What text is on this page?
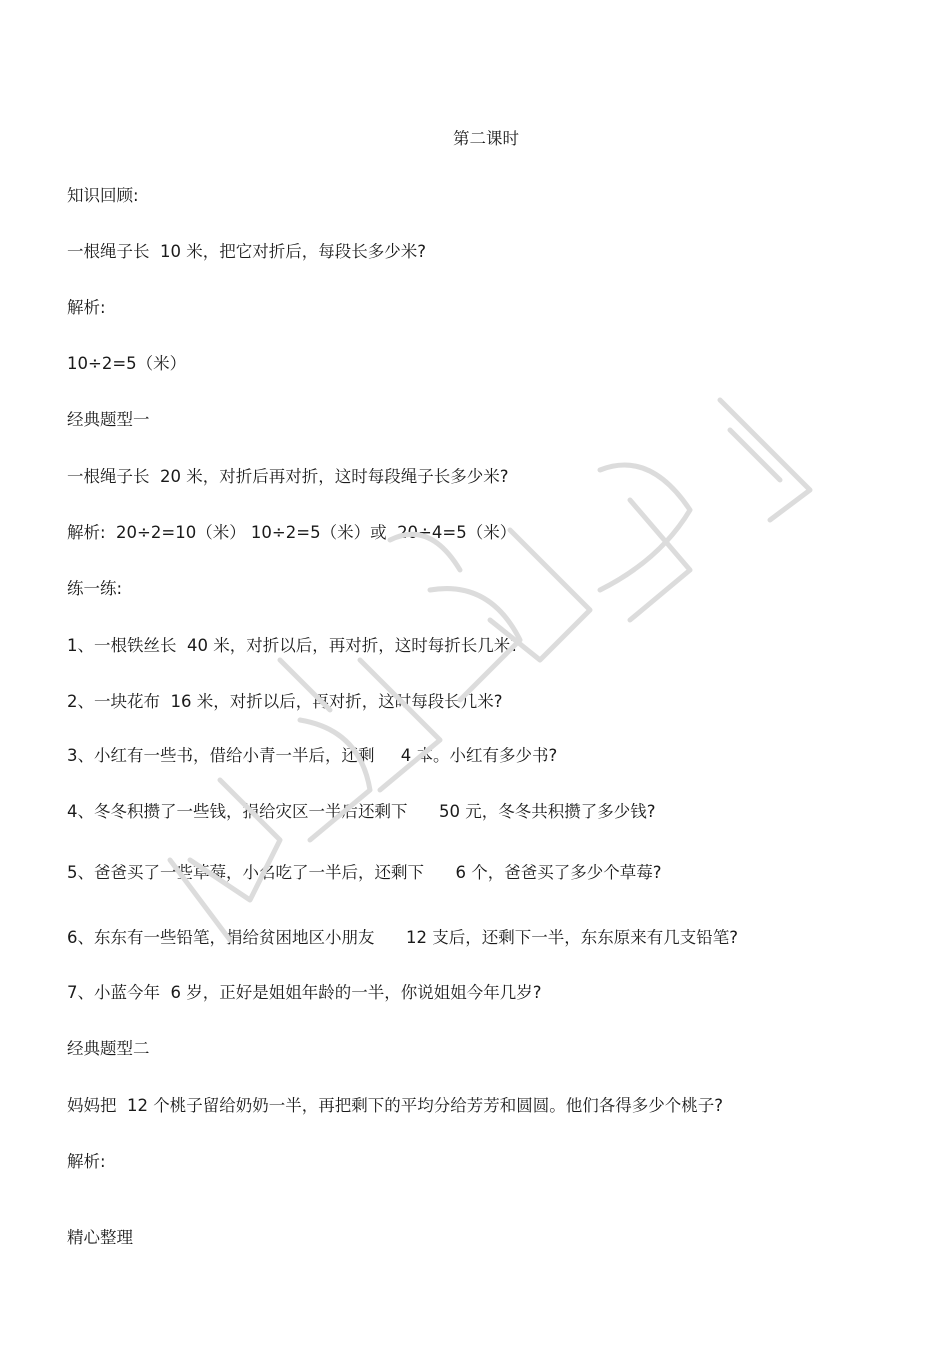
第二课时

知识回顾:

一根绳子长  10 米，把它对折后，每段长多少米?

解析:

10÷2=5（米）

经典题型一

一根绳子长  20 米，对折后再对折，这时每段绳子长多少米?

解析:  20÷2=10（米） 10÷2=5（米）或  20÷4=5（米）

练一练:

1、一根铁丝长  40 米，对折以后，再对折，这时每折长几米?

2、一块花布  16 米，对折以后，再对折，这时每段长几米?

3、小红有一些书，借给小青一半后，还剩     4 本。小红有多少书?

4、冬冬积攒了一些钱，捐给灾区一半后还剩下      50 元，冬冬共积攒了多少钱?

5、爸爸买了一些草莓，小名吃了一半后，还剩下      6 个，爸爸买了多少个草莓?

6、东东有一些铅笔，捐给贫困地区小朋友      12 支后，还剩下一半，东东原来有几支铅笔?

7、小蓝今年  6 岁，正好是姐姐年龄的一半，你说姐姐今年几岁?

经典题型二

妈妈把  12 个桃子留给奶奶一半，再把剩下的平均分给芳芳和圆圆。他们各得多少个桃子?

解析:

精心整理
